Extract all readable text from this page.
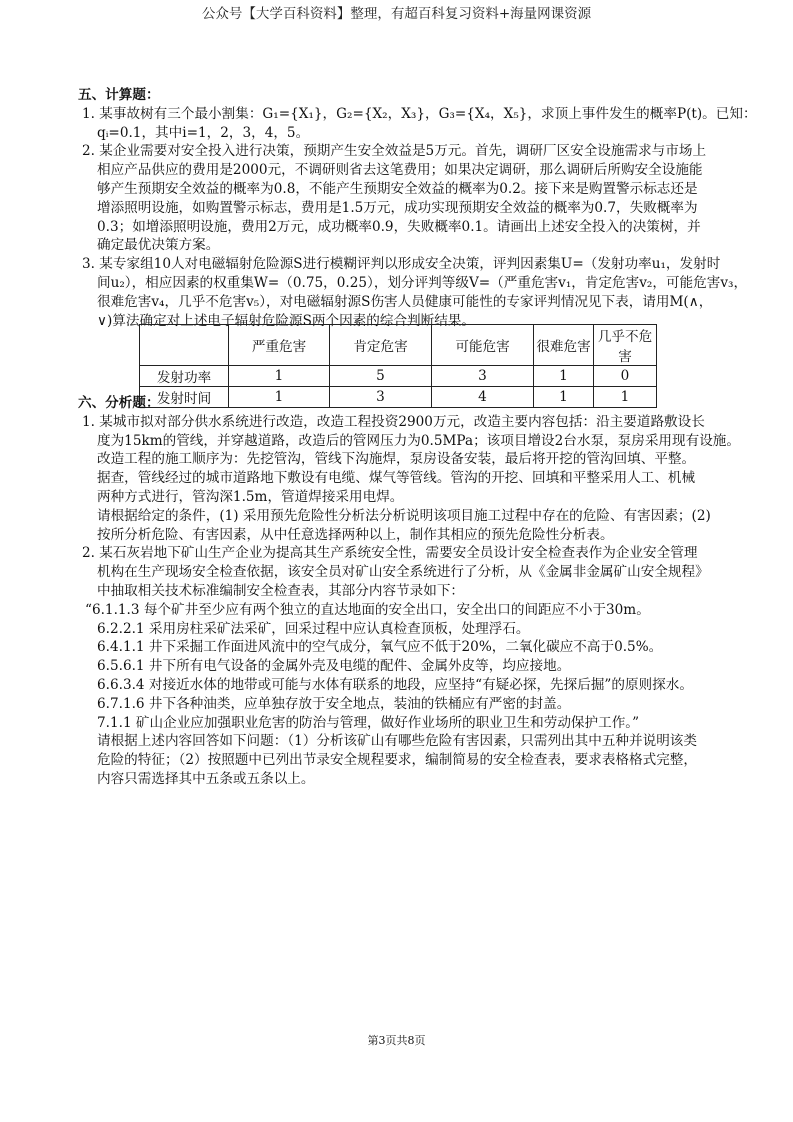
公众号【大学百科资料】整理，有超百科复习资料+海量网课资源
五、计算题：
1. 某事故树有三个最小割集：G₁={X₁}，G₂={X₂，X₃}，G₃={X₄，X₅}，求顶上事件发生的概率P(t)。已知：
qᵢ=0.1，其中i=1，2，3，4，5。
2. 某企业需要对安全投入进行决策，预期产生安全效益是5万元。首先，调研厂区安全设施需求与市场上
相应产品供应的费用是2000元，不调研则省去这笔费用；如果决定调研，那么调研后所购安全设施能
够产生预期安全效益的概率为0.8，不能产生预期安全效益的概率为0.2。接下来是购置警示标志还是
增添照明设施，如购置警示标志，费用是1.5万元，成功实现预期安全效益的概率为0.7，失败概率为
0.3；如增添照明设施，费用2万元，成功概率0.9，失败概率0.1。请画出上述安全投入的决策树，并
确定最优决策方案。
3. 某专家组10人对电磁辐射危险源S进行模糊评判以形成安全决策，评判因素集U=（发射功率u₁，发射时
间u₂），相应因素的权重集W=（0.75，0.25），划分评判等级V=（严重危害v₁，肯定危害v₂，可能危害v₃，
很难危害v₄，几乎不危害v₅），对电磁辐射源S伤害人员健康可能性的专家评判情况见下表，请用M(∧，
∨)算法确定对上述电子辐射危险源S两个因素的综合判断结果。
	严重危害	肯定危害	可能危害	很难危害	几乎不危害
发射功率	1	5	3	1	0
发射时间	1	3	4	1	1
六、分析题：
1. 某城市拟对部分供水系统进行改造，改造工程投资2900万元，改造主要内容包括：沿主要道路敷设长
度为15km的管线，并穿越道路，改造后的管网压力为0.5MPa；该项目增设2台水泵，泵房采用现有设施。
改造工程的施工顺序为：先挖管沟，管线下沟施焊，泵房设备安装，最后将开挖的管沟回填、平整。
据查，管线经过的城市道路地下敷设有电缆、煤气等管线。管沟的开挖、回填和平整采用人工、机械
两种方式进行，管沟深1.5m，管道焊接采用电焊。
请根据给定的条件，(1) 采用预先危险性分析法分析说明该项目施工过程中存在的危险、有害因素；(2)
按所分析危险、有害因素，从中任意选择两种以上，制作其相应的预先危险性分析表。
2. 某石灰岩地下矿山生产企业为提高其生产系统安全性，需要安全员设计安全检查表作为企业安全管理
机构在生产现场安全检查依据，该安全员对矿山安全系统进行了分析，从《金属非金属矿山安全规程》
中抽取相关技术标准编制安全检查表，其部分内容节录如下：
“6.1.1.3 每个矿井至少应有两个独立的直达地面的安全出口，安全出口的间距应不小于30m。
6.2.2.1 采用房柱采矿法采矿，回采过程中应认真检查顶板，处理浮石。
6.4.1.1 井下采掘工作面进风流中的空气成分，氧气应不低于20%，二氧化碳应不高于0.5%。
6.5.6.1 井下所有电气设备的金属外壳及电缆的配件、金属外皮等，均应接地。
6.6.3.4 对接近水体的地带或可能与水体有联系的地段，应坚持“有疑必探，先探后掘”的原则探水。
6.7.1.6 井下各种油类，应单独存放于安全地点，装油的铁桶应有严密的封盖。
7.1.1 矿山企业应加强职业危害的防治与管理，做好作业场所的职业卫生和劳动保护工作。”
请根据上述内容回答如下问题：（1）分析该矿山有哪些危险有害因素，只需列出其中五种并说明该类
危险的特征；（2）按照题中已列出节录安全规程要求，编制简易的安全检查表，要求表格格式完整，
内容只需选择其中五条或五条以上。
第3页共8页
